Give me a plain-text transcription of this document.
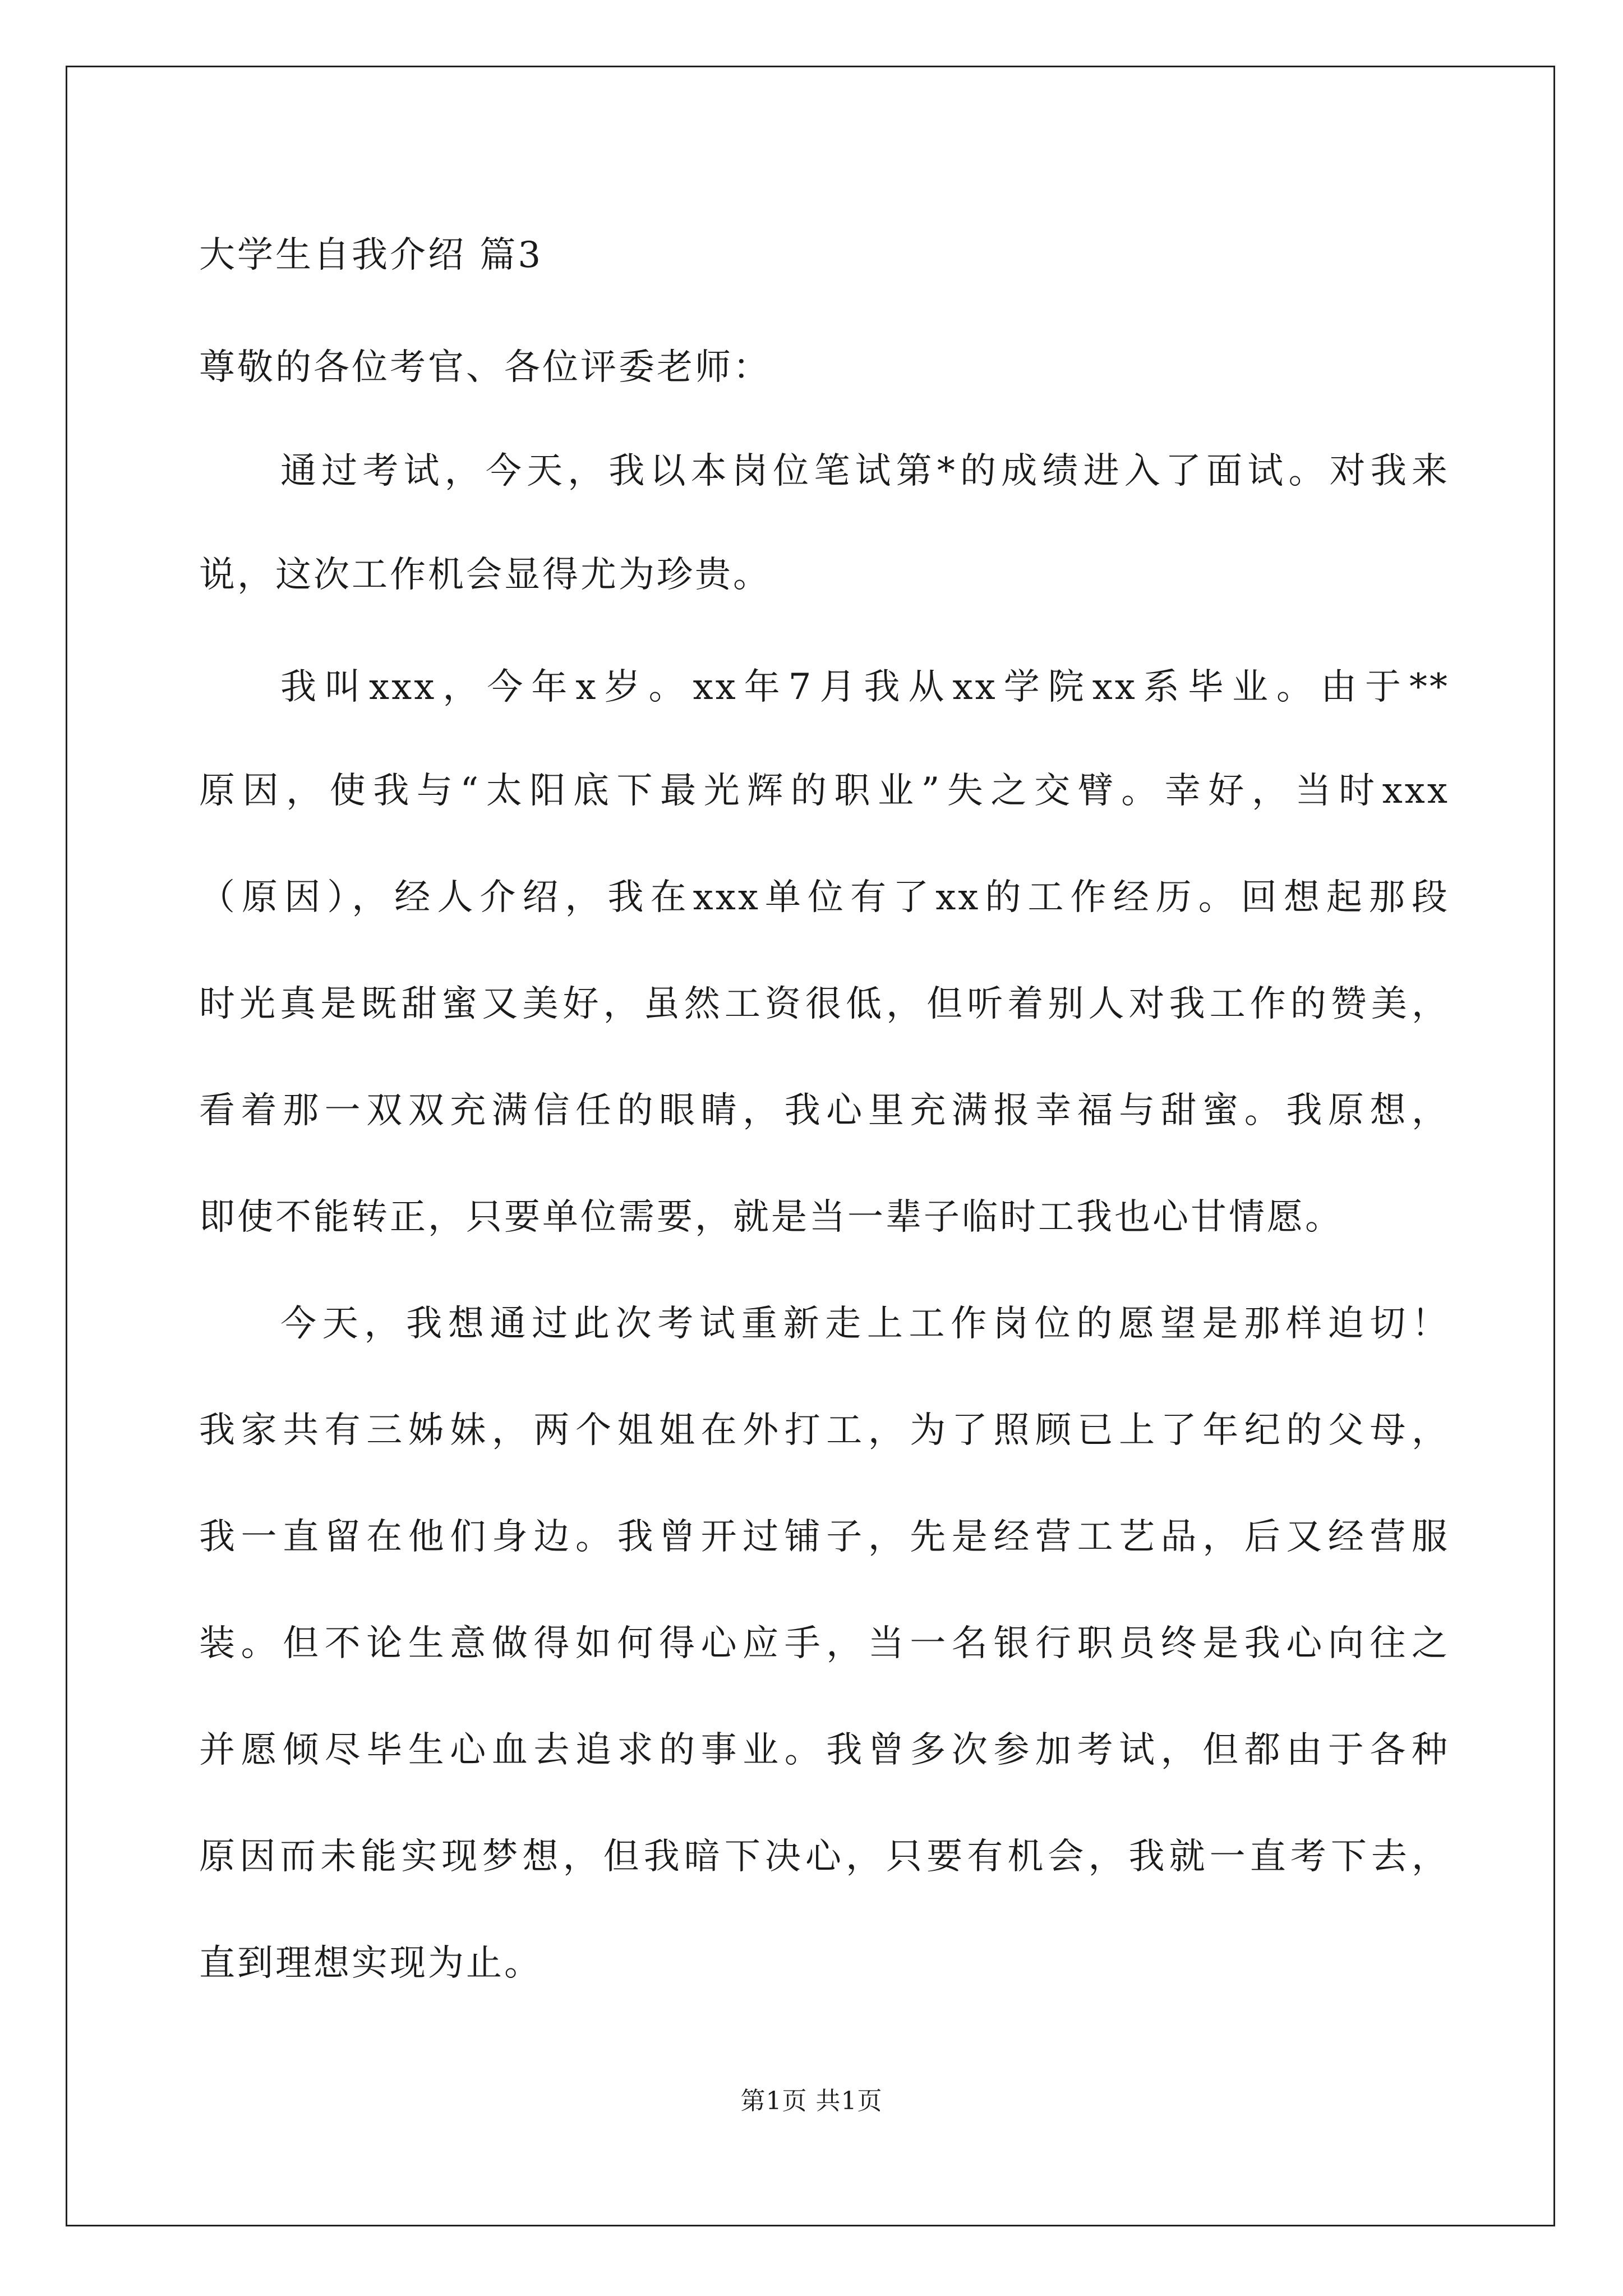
大学生自我介绍 篇3
尊敬的各位考官、各位评委老师：
通过考试，今天，我以本岗位笔试第*的成绩进入了面试。对我来
说，这次工作机会显得尤为珍贵。
我叫xxx，今年x岁。xx年7月我从xx学院xx系毕业。由于**
原因，使我与“太阳底下最光辉的职业”失之交臂。幸好，当时xxx
（原因），经人介绍，我在xxx单位有了xx的工作经历。回想起那段
时光真是既甜蜜又美好，虽然工资很低，但听着别人对我工作的赞美，
看着那一双双充满信任的眼睛，我心里充满报幸福与甜蜜。我原想，
即使不能转正，只要单位需要，就是当一辈子临时工我也心甘情愿。
今天，我想通过此次考试重新走上工作岗位的愿望是那样迫切！
我家共有三姊妹，两个姐姐在外打工，为了照顾已上了年纪的父母，
我一直留在他们身边。我曾开过铺子，先是经营工艺品，后又经营服
装。但不论生意做得如何得心应手，当一名银行职员终是我心向往之
并愿倾尽毕生心血去追求的事业。我曾多次参加考试，但都由于各种
原因而未能实现梦想，但我暗下决心，只要有机会，我就一直考下去，
直到理想实现为止。
第1页 共1页
